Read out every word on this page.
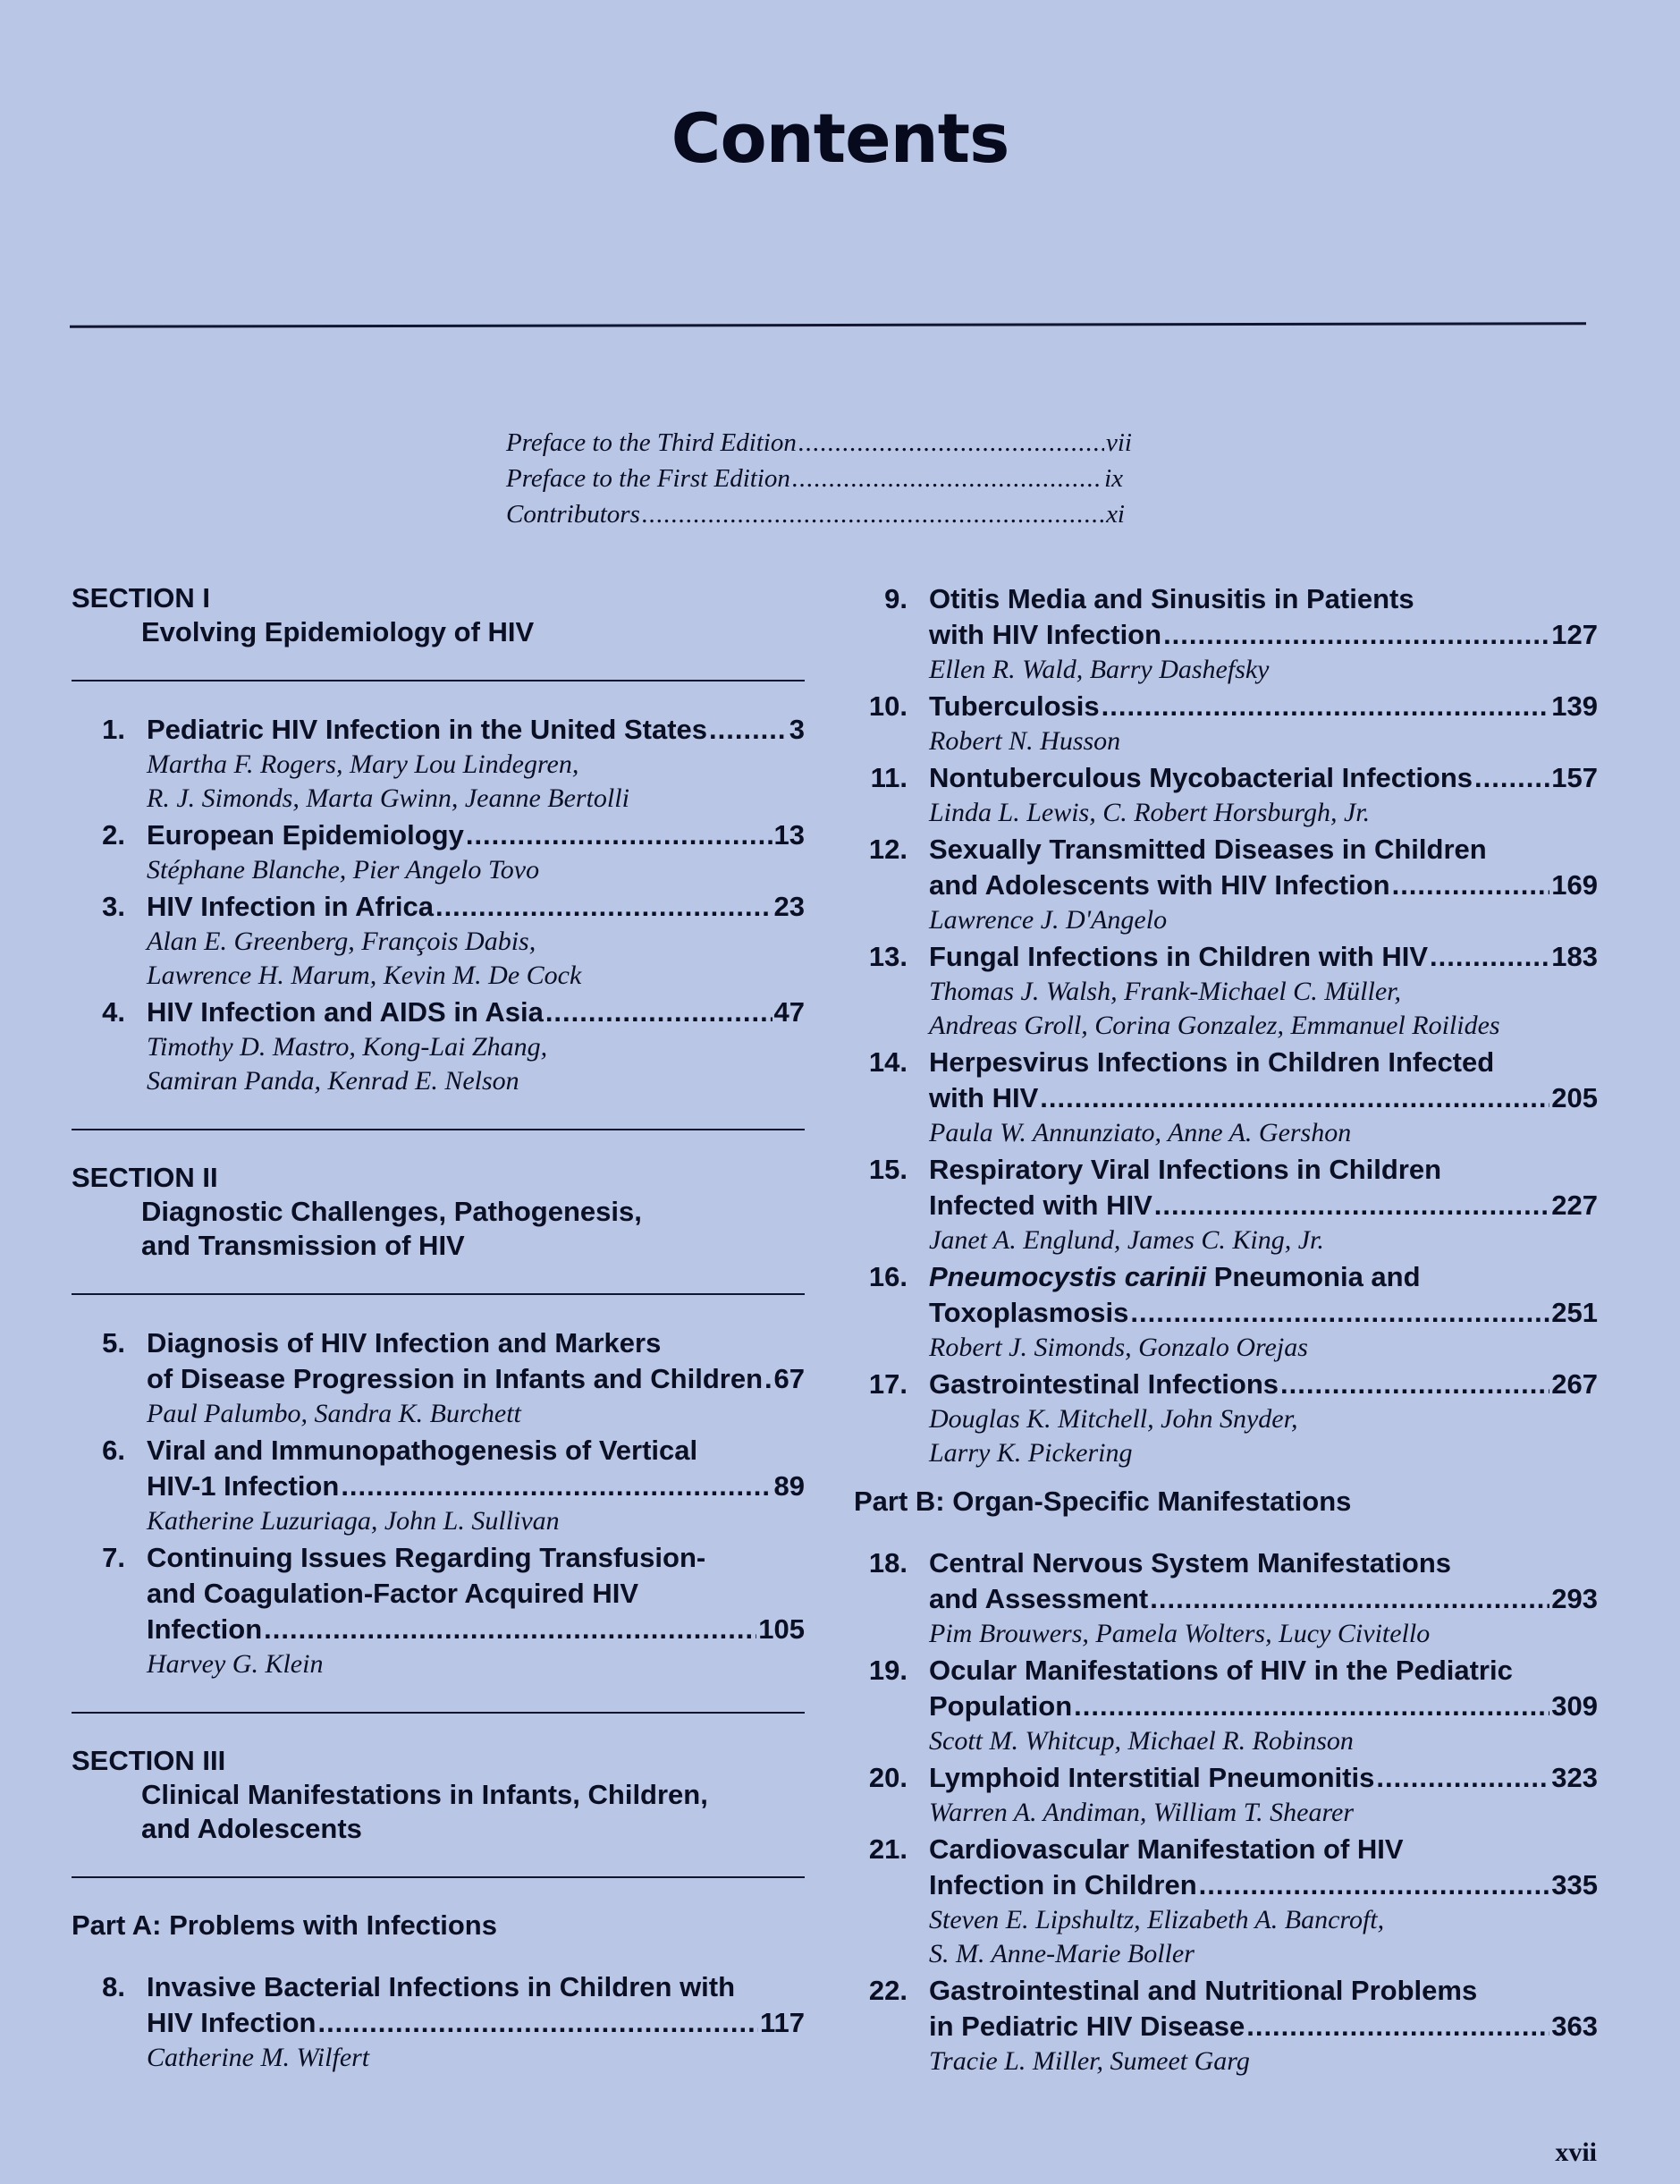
Contents
Preface to the Third Edition .....	vii
Preface to the First Edition .....	ix
Contributors .....	xi
SECTION I
Evolving Epidemiology of HIV
1. Pediatric HIV Infection in the United States .....	3
Martha F. Rogers, Mary Lou Lindegren,
R. J. Simonds, Marta Gwinn, Jeanne Bertolli
2. European Epidemiology .....	13
Stéphane Blanche, Pier Angelo Tovo
3. HIV Infection in Africa .....	23
Alan E. Greenberg, François Dabis,
Lawrence H. Marum, Kevin M. De Cock
4. HIV Infection and AIDS in Asia .....	47
Timothy D. Mastro, Kong-Lai Zhang,
Samiran Panda, Kenrad E. Nelson
SECTION II
Diagnostic Challenges, Pathogenesis,
and Transmission of HIV
5. Diagnosis of HIV Infection and Markers
of Disease Progression in Infants and Children ..... 67
Paul Palumbo, Sandra K. Burchett
6. Viral and Immunopathogenesis of Vertical
HIV-1 Infection .....	89
Katherine Luzuriaga, John L. Sullivan
7. Continuing Issues Regarding Transfusion-
and Coagulation-Factor Acquired HIV
Infection .....	105
Harvey G. Klein
SECTION III
Clinical Manifestations in Infants, Children,
and Adolescents
Part A: Problems with Infections
8. Invasive Bacterial Infections in Children with
HIV Infection .....	117
Catherine M. Wilfert
9. Otitis Media and Sinusitis in Patients
with HIV Infection .....	127
Ellen R. Wald, Barry Dashefsky
10. Tuberculosis .....	139
Robert N. Husson
11. Nontuberculous Mycobacterial Infections .....	157
Linda L. Lewis, C. Robert Horsburgh, Jr.
12. Sexually Transmitted Diseases in Children
and Adolescents with HIV Infection .....	169
Lawrence J. D'Angelo
13. Fungal Infections in Children with HIV .....	183
Thomas J. Walsh, Frank-Michael C. Müller,
Andreas Groll, Corina Gonzalez, Emmanuel Roilides
14. Herpesvirus Infections in Children Infected
with HIV .....	205
Paula W. Annunziato, Anne A. Gershon
15. Respiratory Viral Infections in Children
Infected with HIV .....	227
Janet A. Englund, James C. King, Jr.
16. Pneumocystis carinii Pneumonia and
Toxoplasmosis .....	251
Robert J. Simonds, Gonzalo Orejas
17. Gastrointestinal Infections .....	267
Douglas K. Mitchell, John Snyder,
Larry K. Pickering
Part B: Organ-Specific Manifestations
18. Central Nervous System Manifestations
and Assessment .....	293
Pim Brouwers, Pamela Wolters, Lucy Civitello
19. Ocular Manifestations of HIV in the Pediatric
Population .....	309
Scott M. Whitcup, Michael R. Robinson
20. Lymphoid Interstitial Pneumonitis .....	323
Warren A. Andiman, William T. Shearer
21. Cardiovascular Manifestation of HIV
Infection in Children .....	335
Steven E. Lipshultz, Elizabeth A. Bancroft,
S. M. Anne-Marie Boller
22. Gastrointestinal and Nutritional Problems
in Pediatric HIV Disease .....	363
Tracie L. Miller, Sumeet Garg
xvii
